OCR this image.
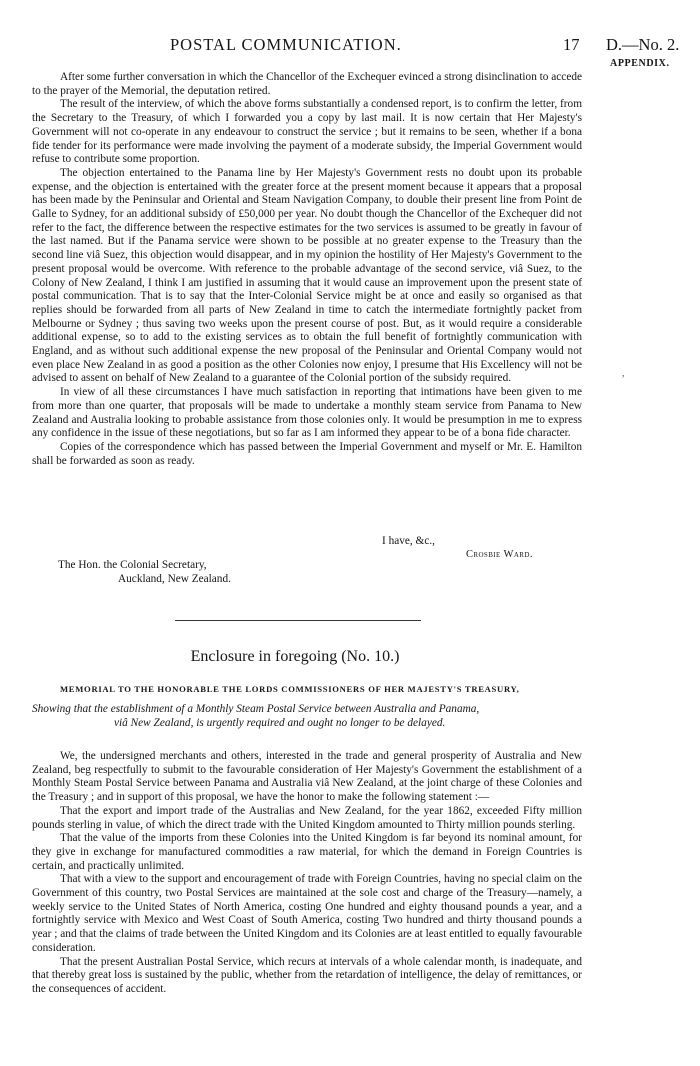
POSTAL COMMUNICATION.	17 D.—No. 2.
APPENDIX.
,

After some further conversation in which the Chancellor of the Exchequer evinced a strong disinclination to accede to the prayer of the Memorial, the deputation retired.

The result of the interview, of which the above forms substantially a condensed report, is to confirm the letter, from the Secretary to the Treasury, of which I forwarded you a copy by last mail. It is now certain that Her Majesty's Government will not co-operate in any endeavour to construct the service ; but it remains to be seen, whether if a bona fide tender for its performance were made involving the payment of a moderate subsidy, the Imperial Government would refuse to contribute some proportion.

The objection entertained to the Panama line by Her Majesty's Government rests no doubt upon its probable expense, and the objection is entertained with the greater force at the present moment because it appears that a proposal has been made by the Peninsular and Oriental and Steam Navigation Company, to double their present line from Point de Galle to Sydney, for an additional subsidy of £50,000 per year. No doubt though the Chancellor of the Exchequer did not refer to the fact, the difference between the respective estimates for the two services is assumed to be greatly in favour of the last named. But if the Panama service were shown to be possible at no greater expense to the Treasury than the second line viâ Suez, this objection would disappear, and in my opinion the hostility of Her Majesty's Government to the present proposal would be overcome. With reference to the probable advantage of the second service, viâ Suez, to the Colony of New Zealand, I think I am justified in assuming that it would cause an improvement upon the present state of postal communication. That is to say that the Inter-Colonial Service might be at once and easily so organised as that replies should be forwarded from all parts of New Zealand in time to catch the intermediate fortnightly packet from Melbourne or Sydney ; thus saving two weeks upon the present course of post. But, as it would require a considerable additional expense, so to add to the existing services as to obtain the full benefit of fortnightly communication with England, and as without such additional expense the new proposal of the Peninsular and Oriental Company would not even place New Zealand in as good a position as the other Colonies now enjoy, I presume that His Excellency will not be advised to assent on behalf of New Zealand to a guarantee of the Colonial portion of the subsidy required.

In view of all these circumstances I have much satisfaction in reporting that intimations have been given to me from more than one quarter, that proposals will be made to undertake a monthly steam service from Panama to New Zealand and Australia looking to probable assistance from those colonies only. It would be presumption in me to express any confidence in the issue of these negotiations, but so far as I am informed they appear to be of a bona fide character.

Copies of the correspondence which has passed between the Imperial Government and myself or Mr. E. Hamilton shall be forwarded as soon as ready.

I have, &c.,
Crosbie Ward.
The Hon. the Colonial Secretary,
Auckland, New Zealand.
Enclosure in foregoing (No. 10.)
MEMORIAL TO THE HONORABLE THE LORDS COMMISSIONERS OF HER MAJESTY'S TREASURY,
Showing that the establishment of a Monthly Steam Postal Service between Australia and Panama,
viâ New Zealand, is urgently required and ought no longer to be delayed.

We, the undersigned merchants and others, interested in the trade and general prosperity of Australia and New Zealand, beg respectfully to submit to the favourable consideration of Her Majesty's Government the establishment of a Monthly Steam Postal Service between Panama and Australia viâ New Zealand, at the joint charge of these Colonies and the Treasury ; and in support of this proposal, we have the honor to make the following statement :—

That the export and import trade of the Australias and New Zealand, for the year 1862, exceeded Fifty million pounds sterling in value, of which the direct trade with the United Kingdom amounted to Thirty million pounds sterling.

That the value of the imports from these Colonies into the United Kingdom is far beyond its nominal amount, for they give in exchange for manufactured commodities a raw material, for which the demand in Foreign Countries is certain, and practically unlimited.

That with a view to the support and encouragement of trade with Foreign Countries, having no special claim on the Government of this country, two Postal Services are maintained at the sole cost and charge of the Treasury—namely, a weekly service to the United States of North America, costing One hundred and eighty thousand pounds a year, and a fortnightly service with Mexico and West Coast of South America, costing Two hundred and thirty thousand pounds a year ; and that the claims of trade between the United Kingdom and its Colonies are at least entitled to equally favourable consideration.

That the present Australian Postal Service, which recurs at intervals of a whole calendar month, is inadequate, and that thereby great loss is sustained by the public, whether from the retardation of intelligence, the delay of remittances, or the consequences of accident.
